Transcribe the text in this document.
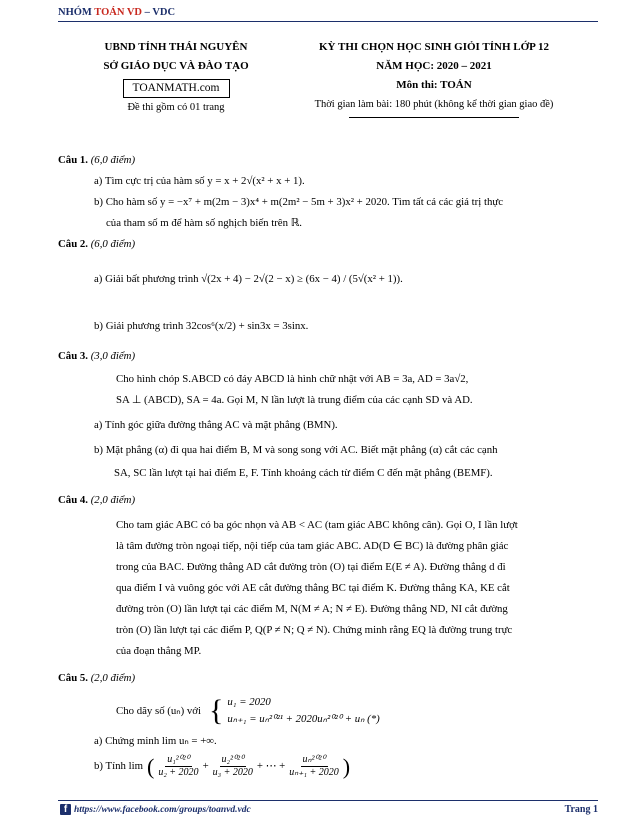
NHÓM TOÁN VD – VDC
UBND TỈNH THÁI NGUYÊN
SỞ GIÁO DỤC VÀ ĐÀO TẠO
TOANMATH.com
Đề thi gồm có 01 trang
KỲ THI CHỌN HỌC SINH GIỎI TỈNH LỚP 12
NĂM HỌC: 2020 – 2021
Môn thi: TOÁN
Thời gian làm bài: 180 phút (không kể thời gian giao đề)
Câu 1. (6,0 điểm)
a) Tìm cực trị của hàm số y = x + 2√(x² + x + 1).
b) Cho hàm số y = −x⁷ + m(2m − 3)x⁴ + m(2m² − 5m + 3)x² + 2020. Tìm tất cả các giá trị thực
của tham số m để hàm số nghịch biến trên ℝ.
Câu 2. (6,0 điểm)
a) Giải bất phương trình √(2x + 4) − 2√(2 − x) ≥ (6x − 4) / (5√(x² + 1)).
b) Giải phương trình 32cos⁶(x/2) + sin3x = 3sinx.
Câu 3. (3,0 điểm)
Cho hình chóp S.ABCD có đáy ABCD là hình chữ nhật với AB = 3a, AD = 3a√2,
SA ⊥ (ABCD), SA = 4a. Gọi M, N lần lượt là trung điểm của các cạnh SD và AD.
a) Tính góc giữa đường thẳng AC và mặt phẳng (BMN).
b) Mặt phẳng (α) đi qua hai điểm B, M và song song với AC. Biết mặt phẳng (α) cắt các cạnh
SA, SC lần lượt tại hai điểm E, F. Tính khoảng cách từ điểm C đến mặt phẳng (BEMF).
Câu 4. (2,0 điểm)
Cho tam giác ABC có ba góc nhọn và AB < AC (tam giác ABC không cân). Gọi O, I lần lượt
là tâm đường tròn ngoại tiếp, nội tiếp của tam giác ABC. AD(D ∈ BC) là đường phân giác
trong của BAC. Đường thẳng AD cắt đường tròn (O) tại điểm E(E ≠ A). Đường thẳng d đi
qua điểm I và vuông góc với AE cắt đường thẳng BC tại điểm K. Đường thẳng KA, KE cắt
đường tròn (O) lần lượt tại các điểm M, N(M ≠ A; N ≠ E). Đường thẳng ND, NI cắt đường
tròn (O) lần lượt tại các điểm P, Q(P ≠ N; Q ≠ N). Chứng minh rằng EQ là đường trung trực
của đoạn thẳng MP.
Câu 5. (2,0 điểm)
Cho dãy số (uₙ) với { u₁ = 2020
uₙ₊₁ = uₙ²⁰²¹ + 2020uₙ²⁰²⁰ + uₙ (*)
a) Chứng minh lim uₙ = +∞.
b) Tính lim ( $\frac{\text{u₁²⁰²⁰}}{\text{u₂ + 2020}} + \frac{\text{u₂²⁰²⁰}}{\text{u₃ + 2020}}$ + ⋯ + $\frac{\text{uₙ²⁰²⁰}}{\text{uₙ₊₁ + 2020}}$ )
f https://www.facebook.com/groups/toanvd.vdc	Trang 1
